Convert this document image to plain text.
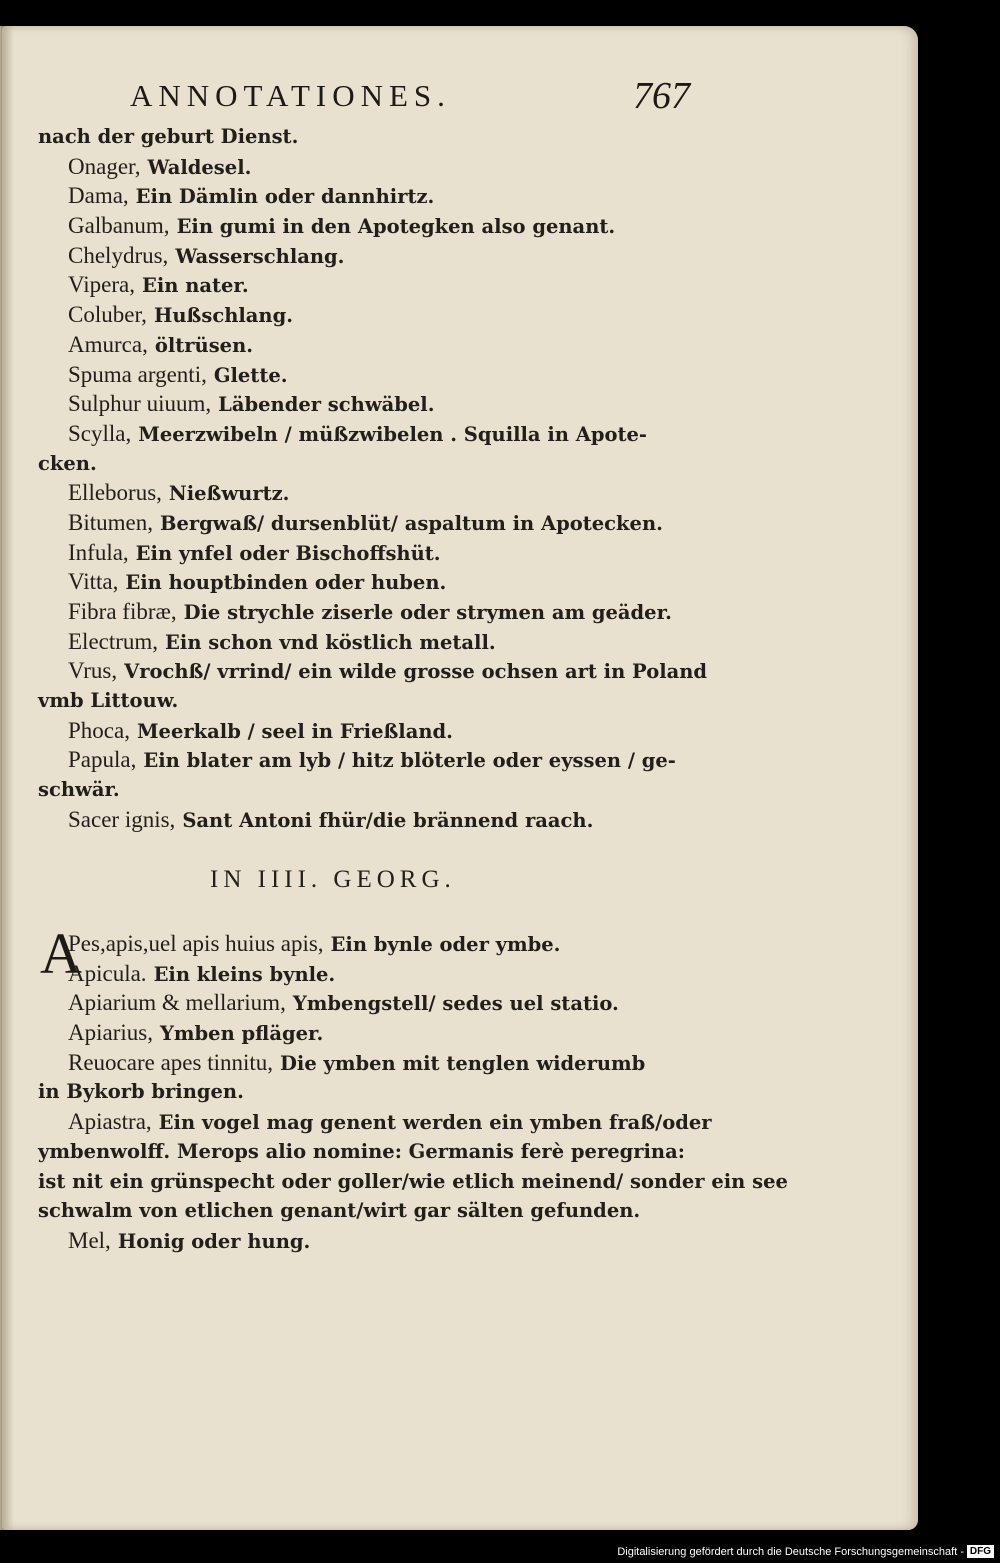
ANNOTATIONES.	767
nach der geburt Dienst.
Onager, Waldesel.
Dama, Ein Dämlin oder dannhirtz.
Galbanum, Ein gumi in den Apotegken also genant.
Chelydrus, Wasserschlang.
Vipera, Ein nater.
Coluber, Hußschlang.
Amurca, öltrüsen.
Spuma argenti, Glette.
Sulphur uiuum, Läbender schwäbel.
Scylla, Meerzwibeln / müßzwibelen . Squilla in Apote-
cken.
Elleborus, Nießwurtz.
Bitumen, Bergwaß/ dursenblüt/ aspaltum in Apotecken.
Infula, Ein ynfel oder Bischoffshüt.
Vitta, Ein houptbinden oder huben.
Fibra fibræ, Die strychle ziserle oder strymen am geäder.
Electrum, Ein schon vnd köstlich metall.
Vrus, Vrochß/ vrrind/ ein wilde grosse ochsen art in Poland
vmb Littouw.
Phoca, Meerkalb / seel in Frießland.
Papula, Ein blater am lyb / hitz blöterle oder eyssen / ge-
schwär.
Sacer ignis, Sant Antoni fhür/die brännend raach.
IN IIII. GEORG.
A
Pes,apis,uel apis huius apis, Ein bynle oder ymbe.
Apicula. Ein kleins bynle.
Apiarium & mellarium, Ymbengstell/ sedes uel statio.
Apiarius, Ymben pfläger.
Reuocare apes tinnitu, Die ymben mit tenglen widerumb
in Bykorb bringen.
Apiastra, Ein vogel mag genent werden ein ymben fraß/oder
ymbenwolff. Merops alio nomine: Germanis ferè peregrina:
ist nit ein grünspecht oder goller/wie etlich meinend/ sonder ein see
schwalm von etlichen genant/wirt gar sälten gefunden.
Mel, Honig oder hung.
Digitalisierung gefördert durch die Deutsche Forschungsgemeinschaft - DFG
